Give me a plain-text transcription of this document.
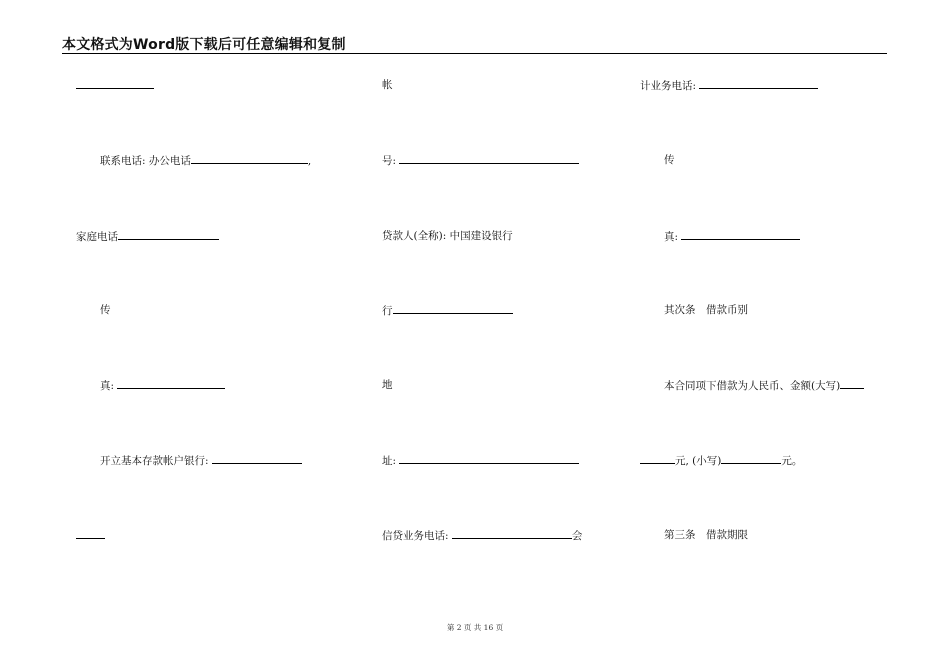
本文格式为Word版下载后可任意编辑和复制
联系电话: 办公电话	,
家庭电话
传
真:
开立基本存款帐户银行:
帐
号:
贷款人(全称): 中国建设银行
行
地
址:
信贷业务电话:	会
计业务电话:
传
真:
其次条　借款币别
本合同项下借款为人民币、金额(大写)
元, (小写)	元。
第三条　借款期限
第 2 页 共 16 页
